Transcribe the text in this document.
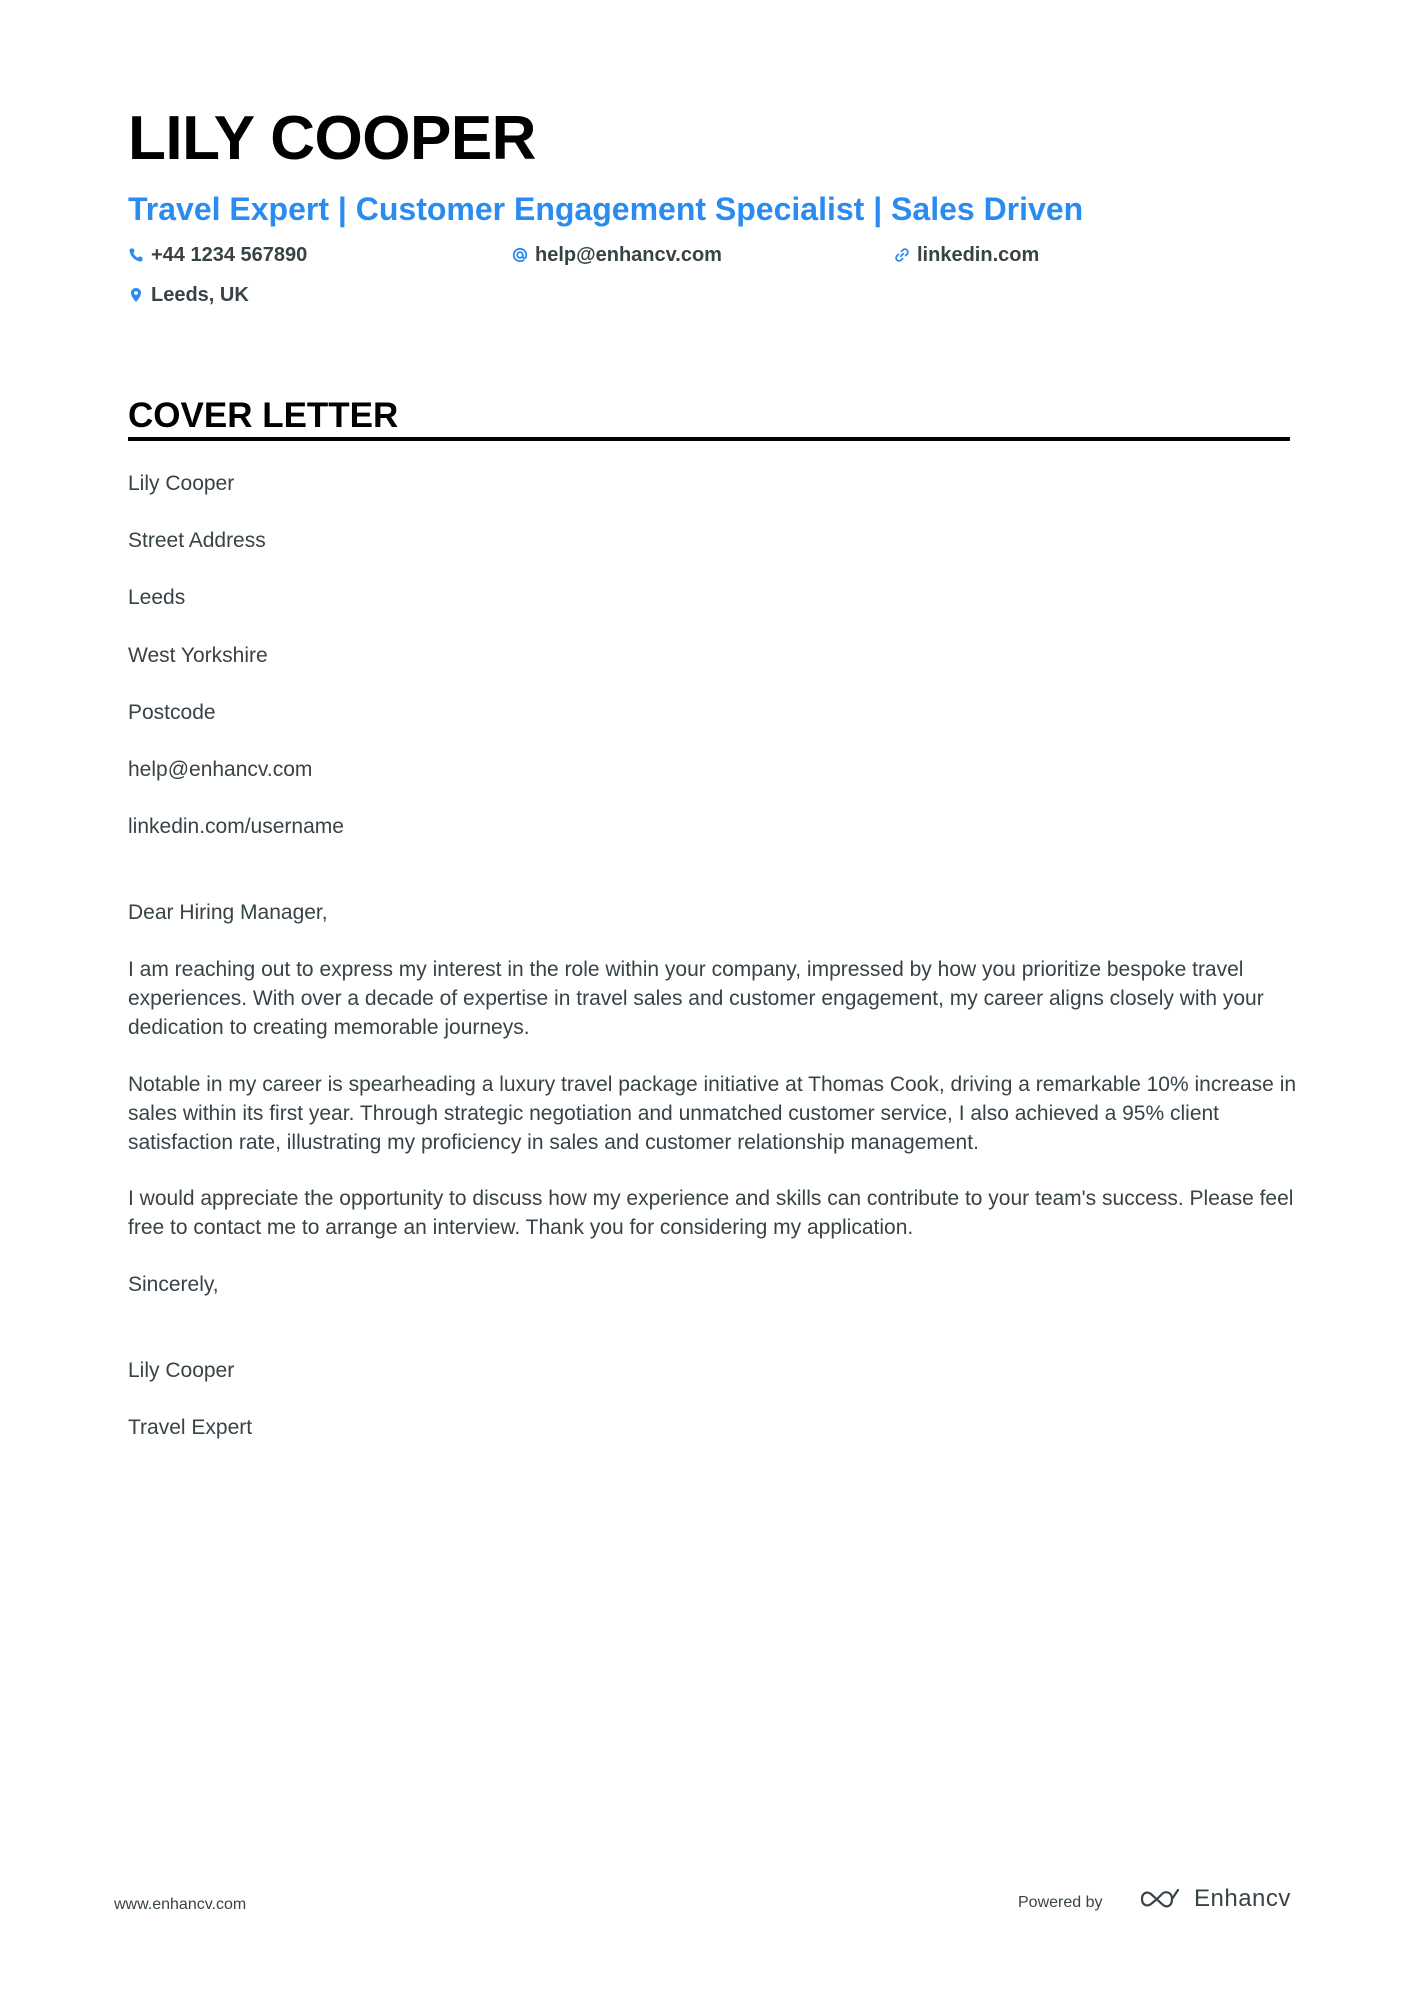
LILY COOPER
Travel Expert | Customer Engagement Specialist | Sales Driven
+44 1234 567890	help@enhancv.com	linkedin.com
Leeds, UK
COVER LETTER
Lily Cooper
Street Address
Leeds
West Yorkshire
Postcode
help@enhancv.com
linkedin.com/username
Dear Hiring Manager,
I am reaching out to express my interest in the role within your company, impressed by how you prioritize bespoke travel experiences. With over a decade of expertise in travel sales and customer engagement, my career aligns closely with your dedication to creating memorable journeys.
Notable in my career is spearheading a luxury travel package initiative at Thomas Cook, driving a remarkable 10% increase in sales within its first year. Through strategic negotiation and unmatched customer service, I also achieved a 95% client satisfaction rate, illustrating my proficiency in sales and customer relationship management.
I would appreciate the opportunity to discuss how my experience and skills can contribute to your team's success. Please feel free to contact me to arrange an interview. Thank you for considering my application.
Sincerely,
Lily Cooper
Travel Expert
www.enhancv.com	Powered by	Enhancv
